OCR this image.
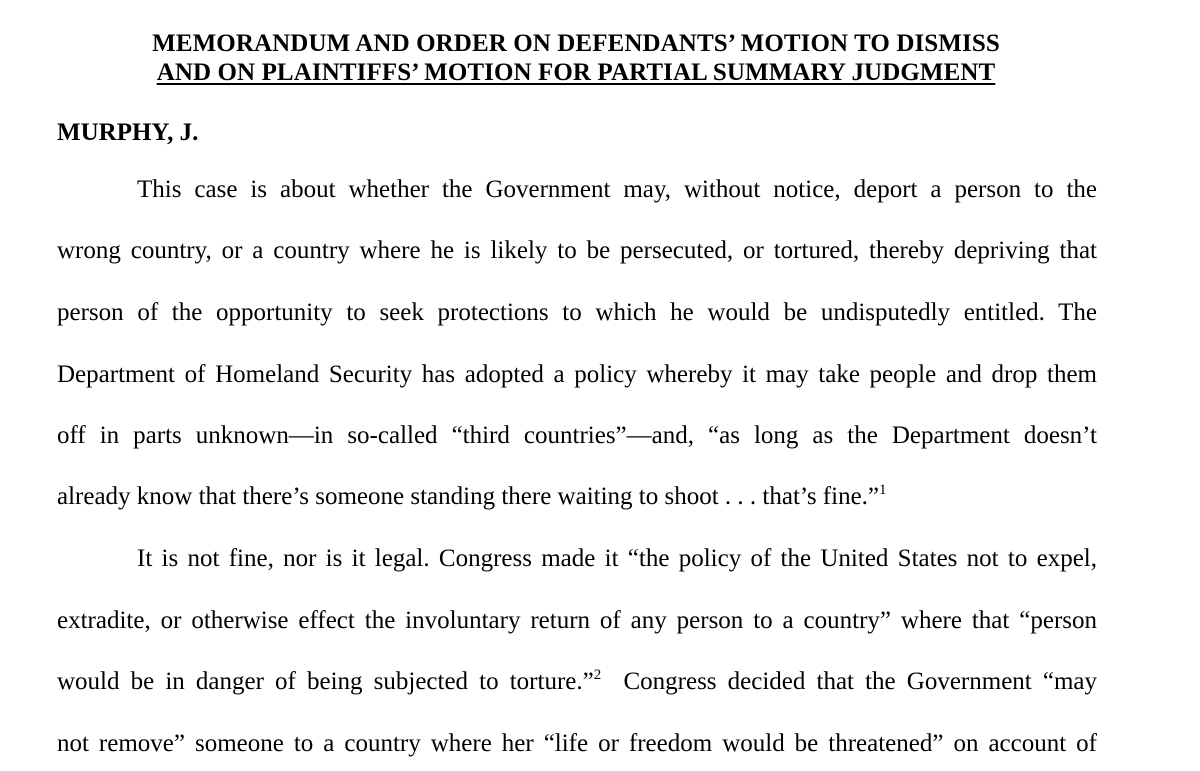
MEMORANDUM AND ORDER ON DEFENDANTS’ MOTION TO DISMISS
AND ON PLAINTIFFS’ MOTION FOR PARTIAL SUMMARY JUDGMENT
MURPHY, J.
This case is about whether the Government may, without notice, deport a person to the
wrong country, or a country where he is likely to be persecuted, or tortured, thereby depriving that
person of the opportunity to seek protections to which he would be undisputedly entitled. The
Department of Homeland Security has adopted a policy whereby it may take people and drop them
off in parts unknown—in so-called “third countries”—and, “as long as the Department doesn’t
already know that there’s someone standing there waiting to shoot . . . that’s fine.”$^1$
It is not fine, nor is it legal. Congress made it “the policy of the United States not to expel,
extradite, or otherwise effect the involuntary return of any person to a country” where that “person
would be in danger of being subjected to torture.”$^2$  Congress decided that the Government “may
not remove” someone to a country where her “life or freedom would be threatened” on account of
